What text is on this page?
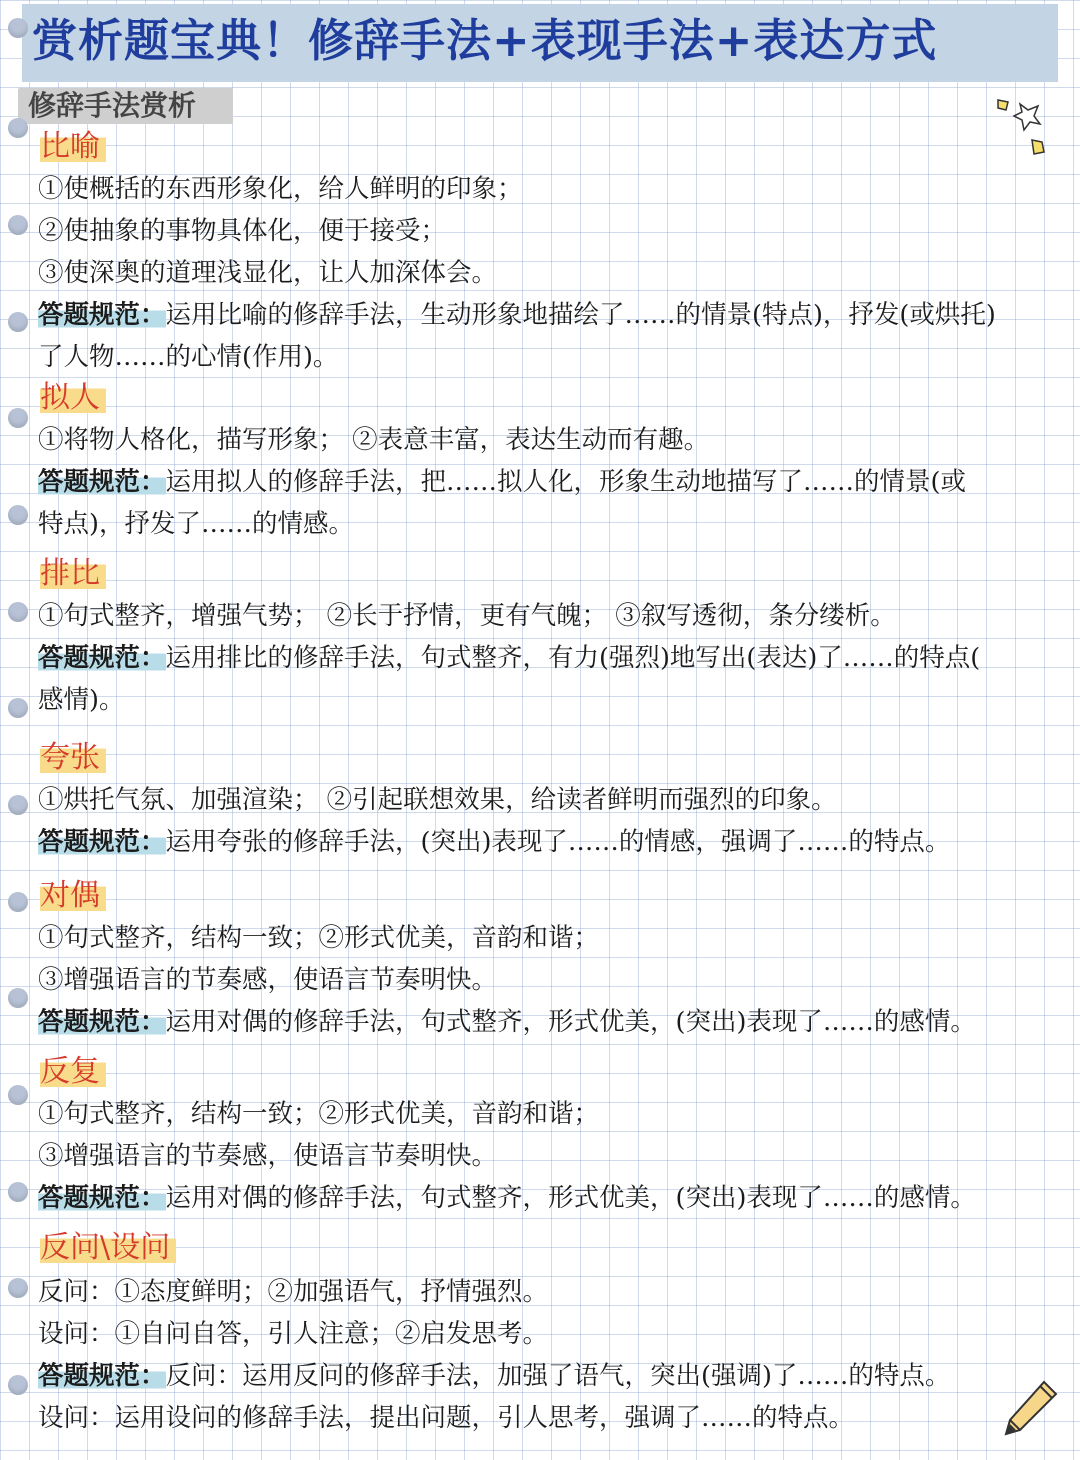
赏析题宝典！修辞手法+表现手法+表达方式
修辞手法赏析
比喻
①使概括的东西形象化，给人鲜明的印象；
②使抽象的事物具体化，便于接受；
③使深奥的道理浅显化，让人加深体会。
答题规范：运用比喻的修辞手法，生动形象地描绘了……的情景(特点)，抒发(或烘托)
了人物……的心情(作用)。
拟人
①将物人格化，描写形象； ②表意丰富，表达生动而有趣。
答题规范：运用拟人的修辞手法，把……拟人化，形象生动地描写了……的情景(或
特点)，抒发了……的情感。
排比
①句式整齐，增强气势； ②长于抒情，更有气魄； ③叙写透彻，条分缕析。
答题规范：运用排比的修辞手法，句式整齐，有力(强烈)地写出(表达)了……的特点(
感情)。
夸张
①烘托气氛、加强渲染； ②引起联想效果，给读者鲜明而强烈的印象。
答题规范：运用夸张的修辞手法，(突出)表现了……的情感，强调了……的特点。
对偶
①句式整齐，结构一致；②形式优美，音韵和谐；
③增强语言的节奏感，使语言节奏明快。
答题规范：运用对偶的修辞手法，句式整齐，形式优美，(突出)表现了……的感情。
反复
①句式整齐，结构一致；②形式优美，音韵和谐；
③增强语言的节奏感，使语言节奏明快。
答题规范：运用对偶的修辞手法，句式整齐，形式优美，(突出)表现了……的感情。
反问\设问
反问：①态度鲜明；②加强语气，抒情强烈。
设问：①自问自答，引人注意；②启发思考。
答题规范：反问：运用反问的修辞手法，加强了语气，突出(强调)了……的特点。
设问：运用设问的修辞手法，提出问题，引人思考，强调了……的特点。
